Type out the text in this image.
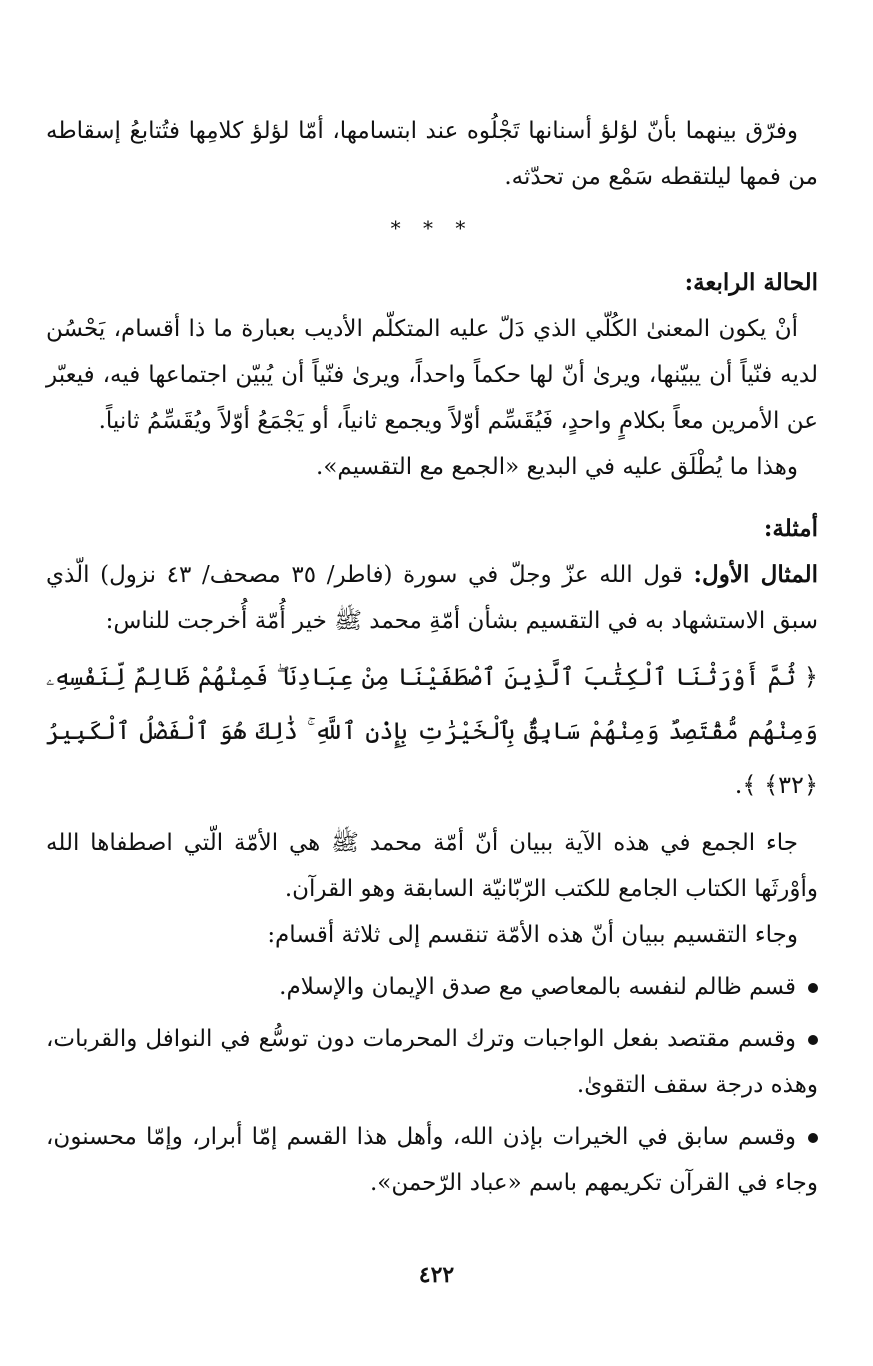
وفرّق بينهما بأنّ لؤلؤ أسنانها تَجْلُوه عند ابتسامها، أمّا لؤلؤ كلامِها فتُتابعُ إسقاطه من فمها ليلتقطه سَمْع من تحدّثه.

* * *
الحالة الرابعة:

أنْ يكون المعنىٰ الكُلّي الذي دَلّ عليه المتكلّم الأديب بعبارة ما ذا أقسام، يَحْسُن لديه فنّياً أن يبيّنها، ويرىٰ أنّ لها حكماً واحداً، ويرىٰ فنّياً أن يُبيّن اجتماعها فيه، فيعبّر عن الأمرين معاً بكلامٍ واحدٍ، فَيُقَسِّم أوّلاً ويجمع ثانياً، أو يَجْمَعُ أوّلاً ويُقَسِّمُ ثانياً.

وهذا ما يُطْلَق عليه في البديع «الجمع مع التقسيم».

أمثلة:

المثال الأول: قول الله عزّ وجلّ في سورة (فاطر/ ٣٥ مصحف/ ٤٣ نزول) الّذي سبق الاستشهاد به في التقسيم بشأن أمّةِ محمد ﷺ خير أُمّة أُخرجت للناس:

﴿ ثُمَّ أَوْرَثْنَا ٱلْكِتَٰبَ ٱلَّذِينَ ٱصْطَفَيْنَا مِنْ عِبَادِنَا ۖ فَمِنْهُمْ ظَالِمٌ لِّنَفْسِهِۦ وَمِنْهُم مُّقْتَصِدٌ وَمِنْهُمْ سَابِقٌۢ بِٱلْخَيْرَٰتِ بِإِذْنِ ٱللَّهِ ۚ ذَٰلِكَ هُوَ ٱلْفَضْلُ ٱلْكَبِيرُ ﴿٣٢﴾ ﴾.

جاء الجمع في هذه الآية ببيان أنّ أمّة محمد ﷺ هي الأمّة الّتي اصطفاها الله وأوْرثَها الكتاب الجامع للكتب الرّبّانيّة السابقة وهو القرآن.

وجاء التقسيم ببيان أنّ هذه الأمّة تنقسم إلى ثلاثة أقسام:

قسم ظالم لنفسه بالمعاصي مع صدق الإيمان والإسلام.

وقسم مقتصد بفعل الواجبات وترك المحرمات دون توسُّع في النوافل والقربات، وهذه درجة سقف التقوىٰ.

وقسم سابق في الخيرات بإذن الله، وأهل هذا القسم إمّا أبرار، وإمّا محسنون، وجاء في القرآن تكريمهم باسم «عباد الرّحمن».

٤٢٢
